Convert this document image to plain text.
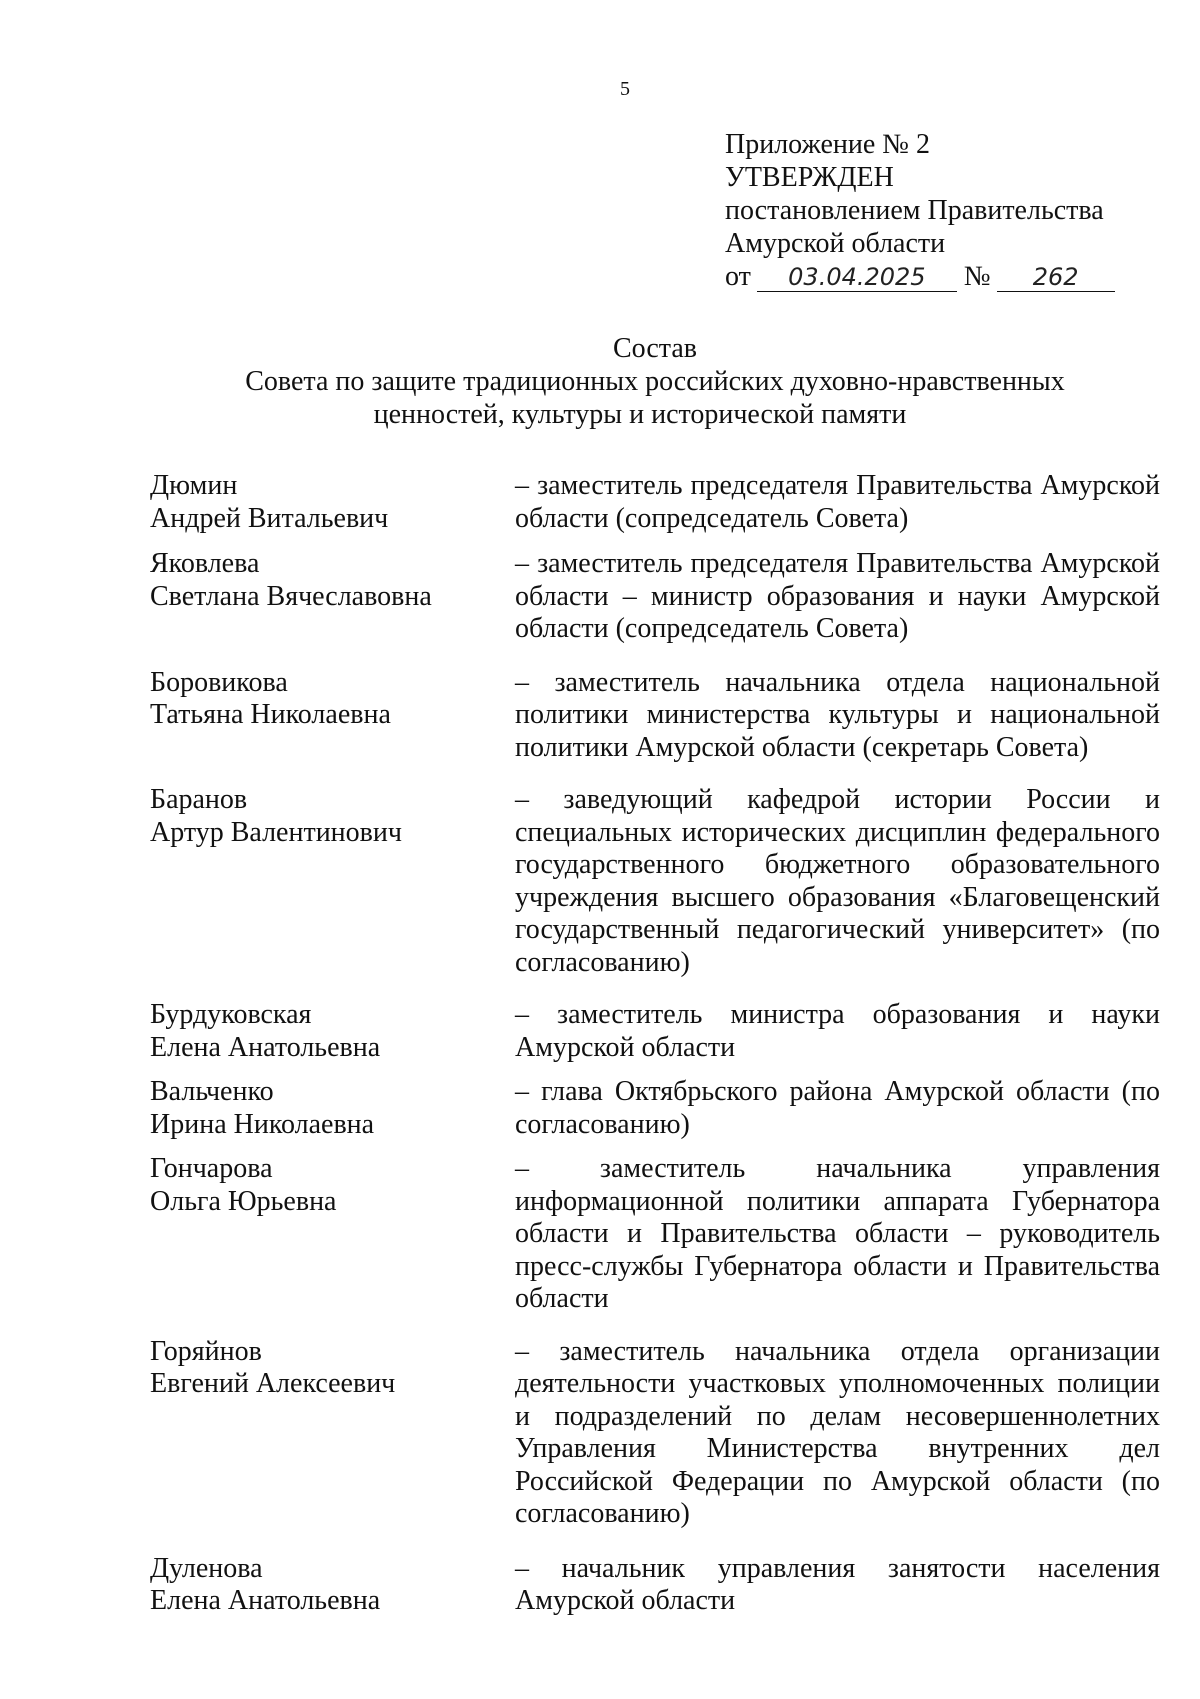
5
Приложение № 2
УТВЕРЖДЕН
постановлением Правительства
Амурской области
от 03.04.2025 № 262
Состав
Совета по защите традиционных российских духовно-нравственных
ценностей, культуры и исторической памяти
Дюмин
Андрей Витальевич
– заместитель председателя Правительства Амурской области (сопредседатель Совета)
Яковлева
Светлана Вячеславовна
– заместитель председателя Правительства Амурской области – министр образования и науки Амурской области (сопредседатель Совета)
Боровикова
Татьяна Николаевна
– заместитель начальника отдела национальной политики министерства культуры и национальной политики Амурской области (секретарь Совета)
Баранов
Артур Валентинович
– заведующий кафедрой истории России и специальных исторических дисциплин федерального государственного бюджетного образовательного учреждения высшего образования «Благовещенский государственный педагогический университет» (по согласованию)
Бурдуковская
Елена Анатольевна
– заместитель министра образования и науки Амурской области
Вальченко
Ирина Николаевна
– глава Октябрьского района Амурской области (по согласованию)
Гончарова
Ольга Юрьевна
– заместитель начальника управления информационной политики аппарата Губернатора области и Правительства области – руководитель пресс-службы Губернатора области и Правительства области
Горяйнов
Евгений Алексеевич
– заместитель начальника отдела организации деятельности участковых уполномоченных полиции и подразделений по делам несовершеннолетних Управления Министерства внутренних дел Российской Федерации по Амурской области (по согласованию)
Дуленова
Елена Анатольевна
– начальник управления занятости населения Амурской области
